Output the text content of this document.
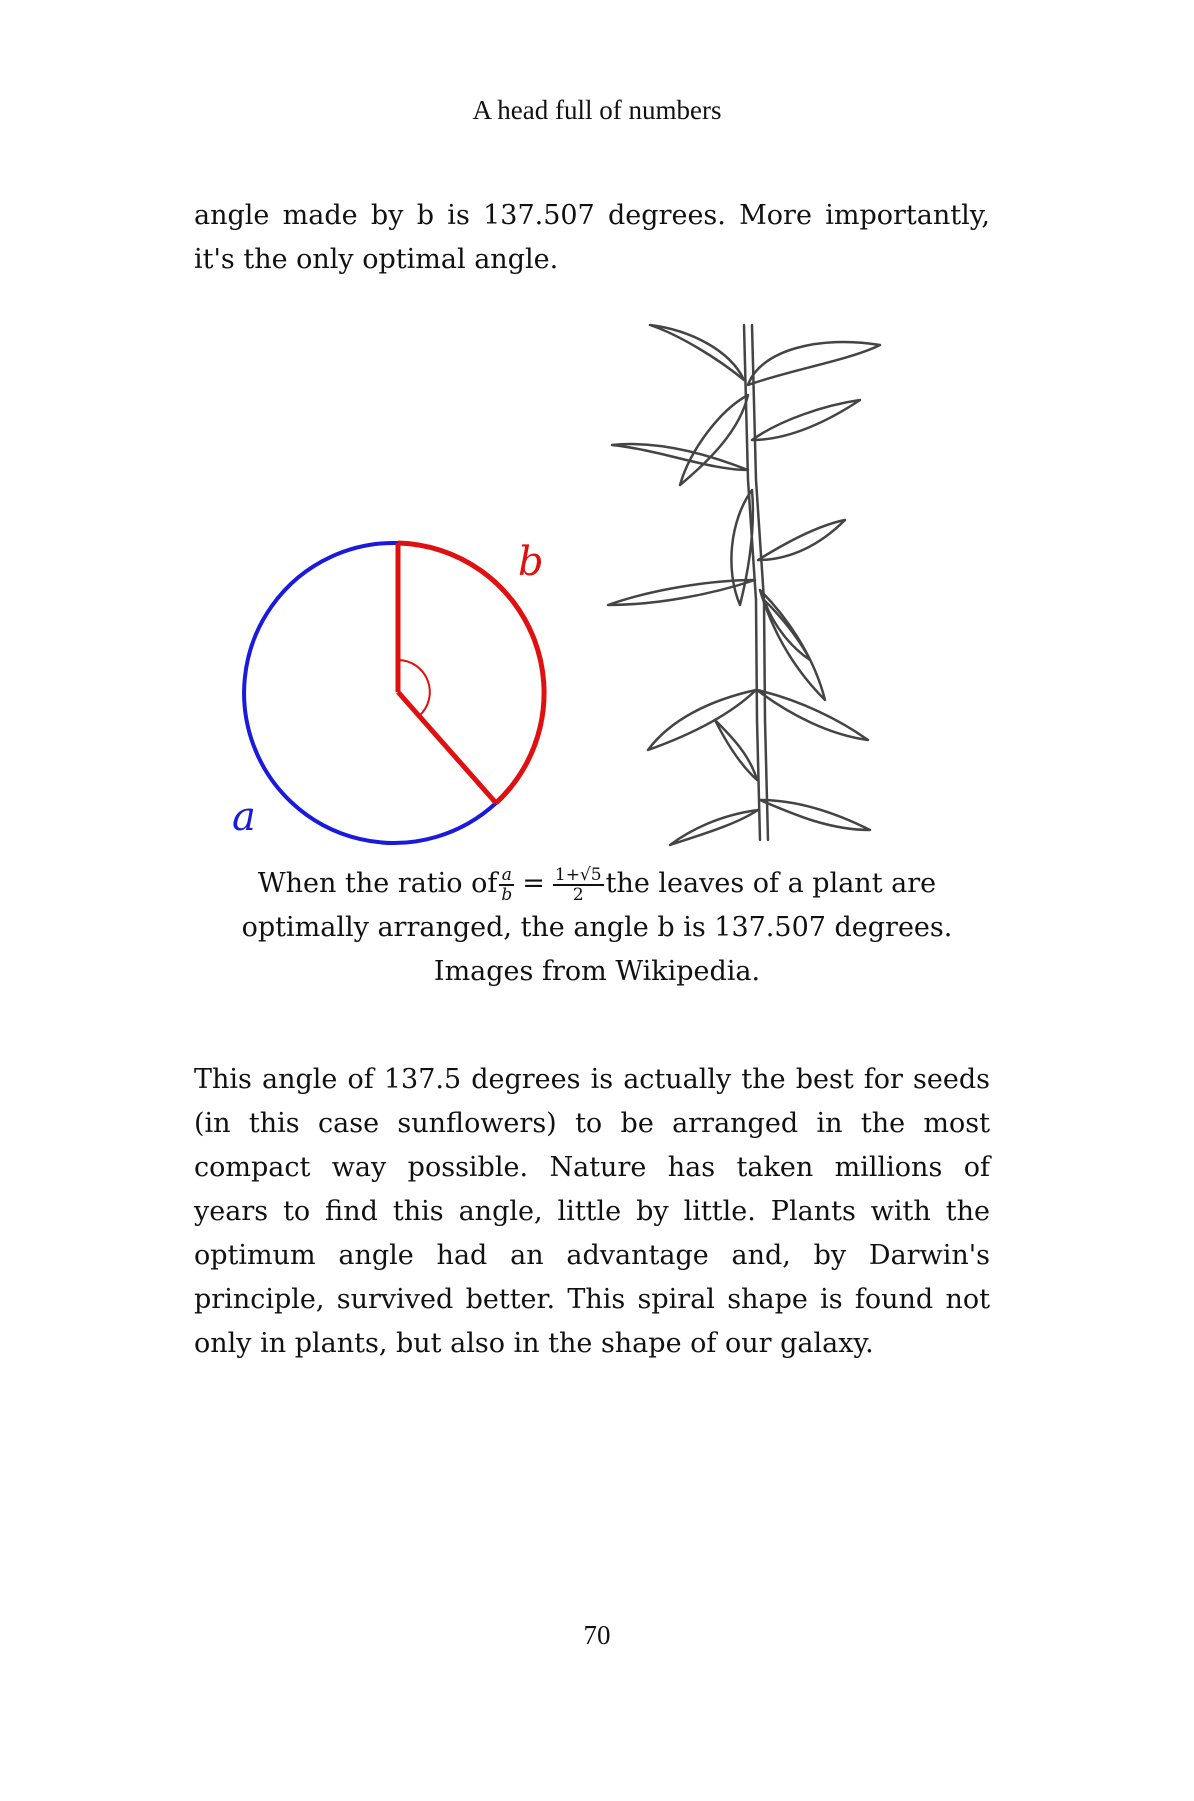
A head full of numbers
angle made by b is 137.507 degrees. More importantly,
it's the only optimal angle.
b
a
When the ratio of $\frac{a}{b} = \frac{1+√5}{2}$ the leaves of a plant are
optimally arranged, the angle b is 137.507 degrees.
Images from Wikipedia.
This angle of 137.5 degrees is actually the best for seeds
(in this case sunflowers) to be arranged in the most
compact way possible. Nature has taken millions of
years to find this angle, little by little. Plants with the
optimum angle had an advantage and, by Darwin's
principle, survived better. This spiral shape is found not
only in plants, but also in the shape of our galaxy.
70
